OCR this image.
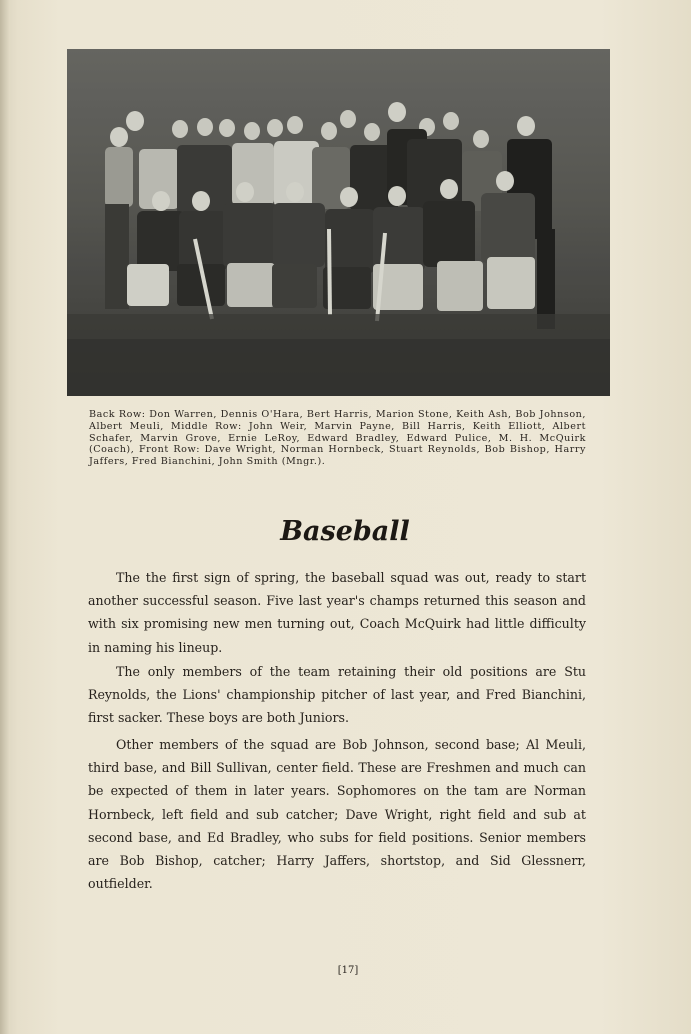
Back Row: Don Warren, Dennis O'Hara, Bert Harris, Marion Stone, Keith Ash, Bob Johnson, Albert Meuli, Middle Row: John Weir, Marvin Payne, Bill Harris, Keith Elliott, Albert Schafer, Marvin Grove, Ernie LeRoy, Edward Bradley, Edward Pulice, M. H. McQuirk (Coach), Front Row: Dave Wright, Norman Hornbeck, Stuart Reynolds, Bob Bishop, Harry Jaffers, Fred Bianchini, John Smith (Mngr.).

Baseball

The the first sign of spring, the baseball squad was out, ready to start another successful season. Five last year's champs returned this season and with six promising new men turning out, Coach McQuirk had little difficulty in naming his lineup.

The only members of the team retaining their old positions are Stu Reynolds, the Lions' championship pitcher of last year, and Fred Bianchini, first sacker. These boys are both Juniors.

Other members of the squad are Bob Johnson, second base; Al Meuli, third base, and Bill Sullivan, center field. These are Freshmen and much can be expected of them in later years. Sophomores on the tam are Norman Hornbeck, left field and sub catcher; Dave Wright, right field and sub at second base, and Ed Bradley, who subs for field positions. Senior members are Bob Bishop, catcher; Harry Jaffers, shortstop, and Sid Glessnerr, outfielder.

[17]
